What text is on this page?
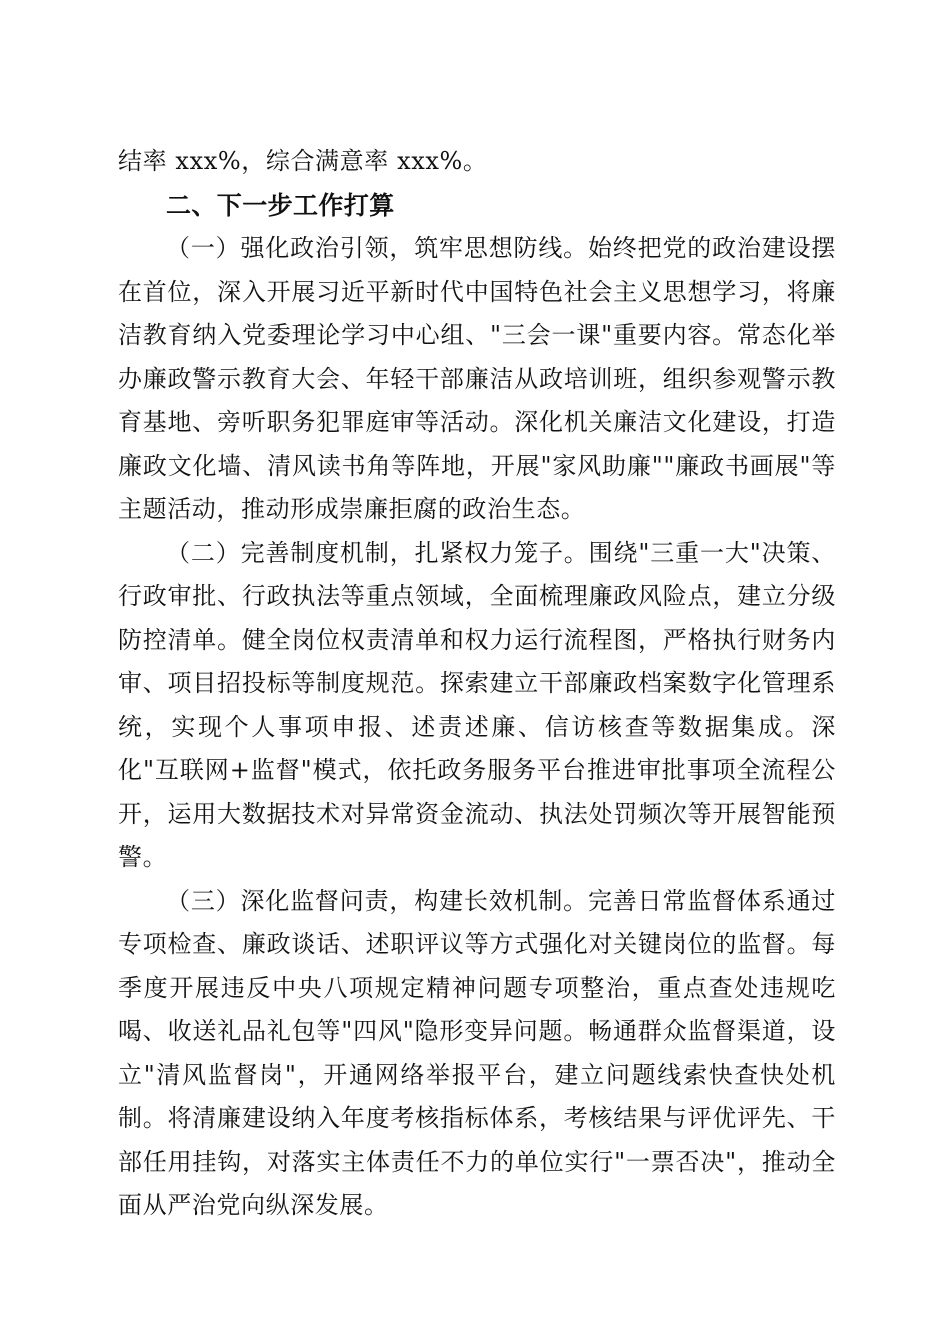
结率 xxx%，综合满意率 xxx%。

二、下一步工作打算

（一）强化政治引领，筑牢思想防线。始终把党的政治建设摆在首位，深入开展习近平新时代中国特色社会主义思想学习，将廉洁教育纳入党委理论学习中心组、"三会一课"重要内容。常态化举办廉政警示教育大会、年轻干部廉洁从政培训班，组织参观警示教育基地、旁听职务犯罪庭审等活动。深化机关廉洁文化建设，打造廉政文化墙、清风读书角等阵地，开展"家风助廉""廉政书画展"等主题活动，推动形成崇廉拒腐的政治生态。

（二）完善制度机制，扎紧权力笼子。围绕"三重一大"决策、行政审批、行政执法等重点领域，全面梳理廉政风险点，建立分级防控清单。健全岗位权责清单和权力运行流程图，严格执行财务内审、项目招投标等制度规范。探索建立干部廉政档案数字化管理系统，实现个人事项申报、述责述廉、信访核查等数据集成。深化"互联网+监督"模式，依托政务服务平台推进审批事项全流程公开，运用大数据技术对异常资金流动、执法处罚频次等开展智能预警。

（三）深化监督问责，构建长效机制。完善日常监督体系通过专项检查、廉政谈话、述职评议等方式强化对关键岗位的监督。每季度开展违反中央八项规定精神问题专项整治，重点查处违规吃喝、收送礼品礼包等"四风"隐形变异问题。畅通群众监督渠道，设立"清风监督岗"，开通网络举报平台，建立问题线索快查快处机制。将清廉建设纳入年度考核指标体系，考核结果与评优评先、干部任用挂钩，对落实主体责任不力的单位实行"一票否决"，推动全面从严治党向纵深发展。
